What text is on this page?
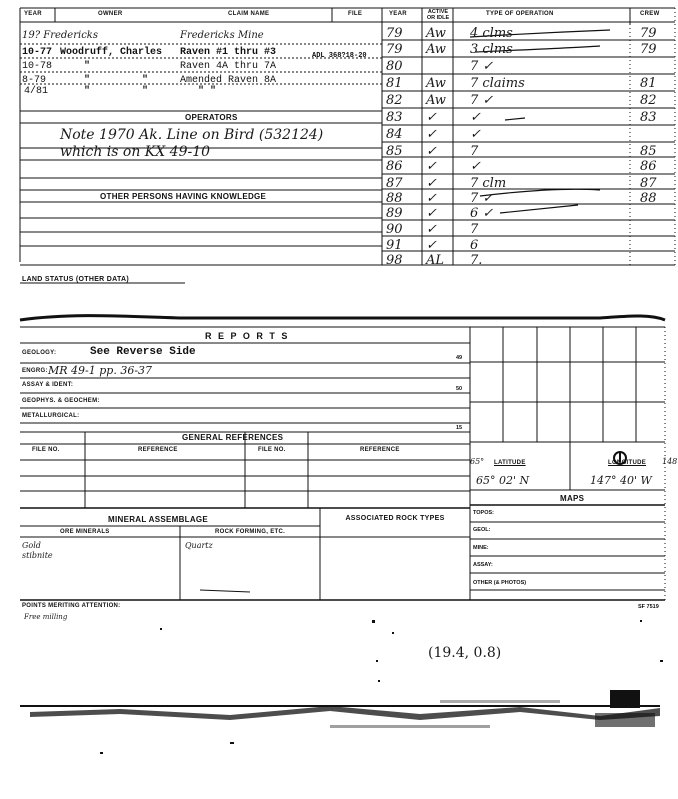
YEAR	OWNER	CLAIM NAME	FILE	YEAR	ACTIVE OR IDLE
TYPE OF OPERATION	CREW
19? Fredericks	Fredericks Mine
10-77 Woodruff, Charles Raven #1 thru #3	ADL 368?18-20
10-78	"	Raven 4A thru 7A
8-79	"	"	Amended Raven 8A
4/81	"	"	" "
OPERATORS
Note 1970 Ak. Line on Bird (532124)
which is on KX 49-10
OTHER PERSONS HAVING KNOWLEDGE
79 Aw 4 clms	79
79 Aw 3 clms	79
80	7 ✓
81 Aw 7 claims	81
82 Aw 7 ✓	82
83 ✓	✓	83
84 ✓	✓
85 ✓	7	85
86 ✓	✓	86
87 ✓	7 clm	87
88 ✓	7 ✓	88
89 ✓	6 ✓
90 ✓	7
91 ✓	6
98 AL 7.
LAND STATUS (OTHER DATA)
R E P O R T S
GEOLOGY:	See Reverse Side
ENGRG: MR 49-1 pp. 36-37
ASSAY & IDENT:
GEOPHYS. & GEOCHEM:
METALLURGICAL:
49
50
15
GENERAL REFERENCES
FILE NO.	REFERENCE	FILE NO.	REFERENCE
65° LATITUDE	LONGITUDE 148
65° 02' N	147° 40' W
MAPS
TOPOS:
GEOL:
MINE:
ASSAY:
OTHER (& PHOTOS)
MINERAL ASSEMBLAGE
ORE MINERALS	ROCK FORMING, ETC.
Gold
stibnite
Quartz
ASSOCIATED ROCK TYPES
POINTS MERITING ATTENTION:
Free milling
SF 7519
(19.4, 0.8)
